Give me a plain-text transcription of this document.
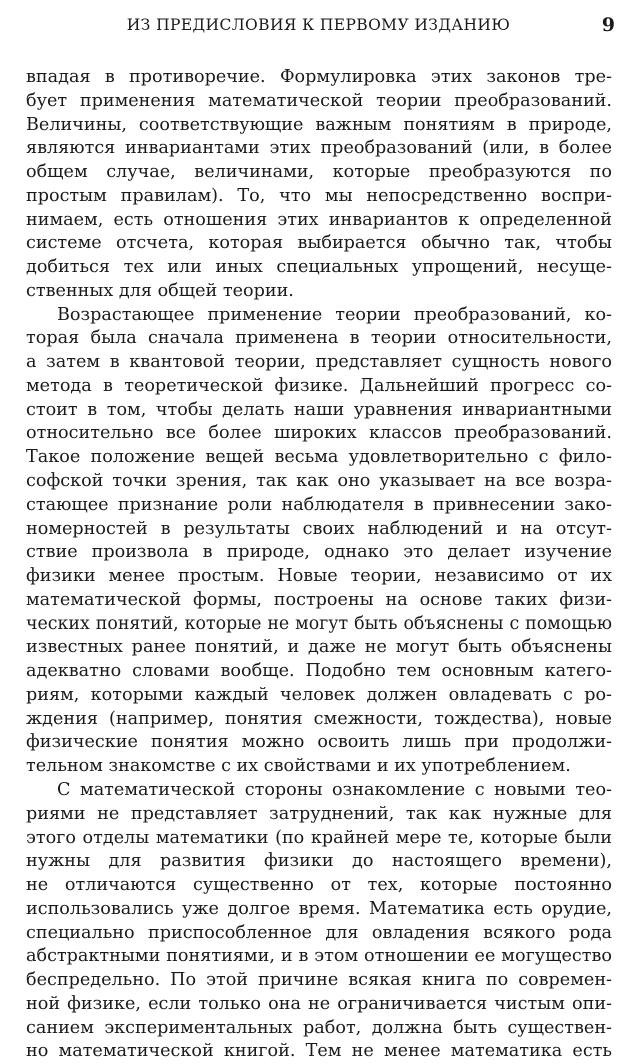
ИЗ ПРЕДИСЛОВИЯ К ПЕРВОМУ ИЗДАНИЮ	9
впадая в противоречие. Формулировка этих законов тре-
бует применения математической теории преобразований.
Величины, соответствующие важным понятиям в природе,
являются инвариантами этих преобразований (или, в более
общем случае, величинами, которые преобразуются по
простым правилам). То, что мы непосредственно воспри-
нимаем, есть отношения этих инвариантов к определенной
системе отсчета, которая выбирается обычно так, чтобы
добиться тех или иных специальных упрощений, несуще-
ственных для общей теории.
Возрастающее применение теории преобразований, ко-
торая была сначала применена в теории относительности,
а затем в квантовой теории, представляет сущность нового
метода в теоретической физике. Дальнейший прогресс со-
стоит в том, чтобы делать наши уравнения инвариантными
относительно все более широких классов преобразований.
Такое положение вещей весьма удовлетворительно с фило-
софской точки зрения, так как оно указывает на все возра-
стающее признание роли наблюдателя в привнесении зако-
номерностей в результаты своих наблюдений и на отсут-
ствие произвола в природе, однако это делает изучение
физики менее простым. Новые теории, независимо от их
математической формы, построены на основе таких физи-
ческих понятий, которые не могут быть объяснены с помощью
известных ранее понятий, и даже не могут быть объяснены
адекватно словами вообще. Подобно тем основным катего-
риям, которыми каждый человек должен овладевать с ро-
ждения (например, понятия смежности, тождества), новые
физические понятия можно освоить лишь при продолжи-
тельном знакомстве с их свойствами и их употреблением.
С математической стороны ознакомление с новыми тео-
риями не представляет затруднений, так как нужные для
этого отделы математики (по крайней мере те, которые были
нужны для развития физики до настоящего времени),
не отличаются существенно от тех, которые постоянно
использовались уже долгое время. Математика есть орудие,
специально приспособленное для овладения всякого рода
абстрактными понятиями, и в этом отношении ее могущество
беспредельно. По этой причине всякая книга по современ-
ной физике, если только она не ограничивается чистым опи-
санием экспериментальных работ, должна быть существен-
но математической книгой. Тем не менее математика есть
